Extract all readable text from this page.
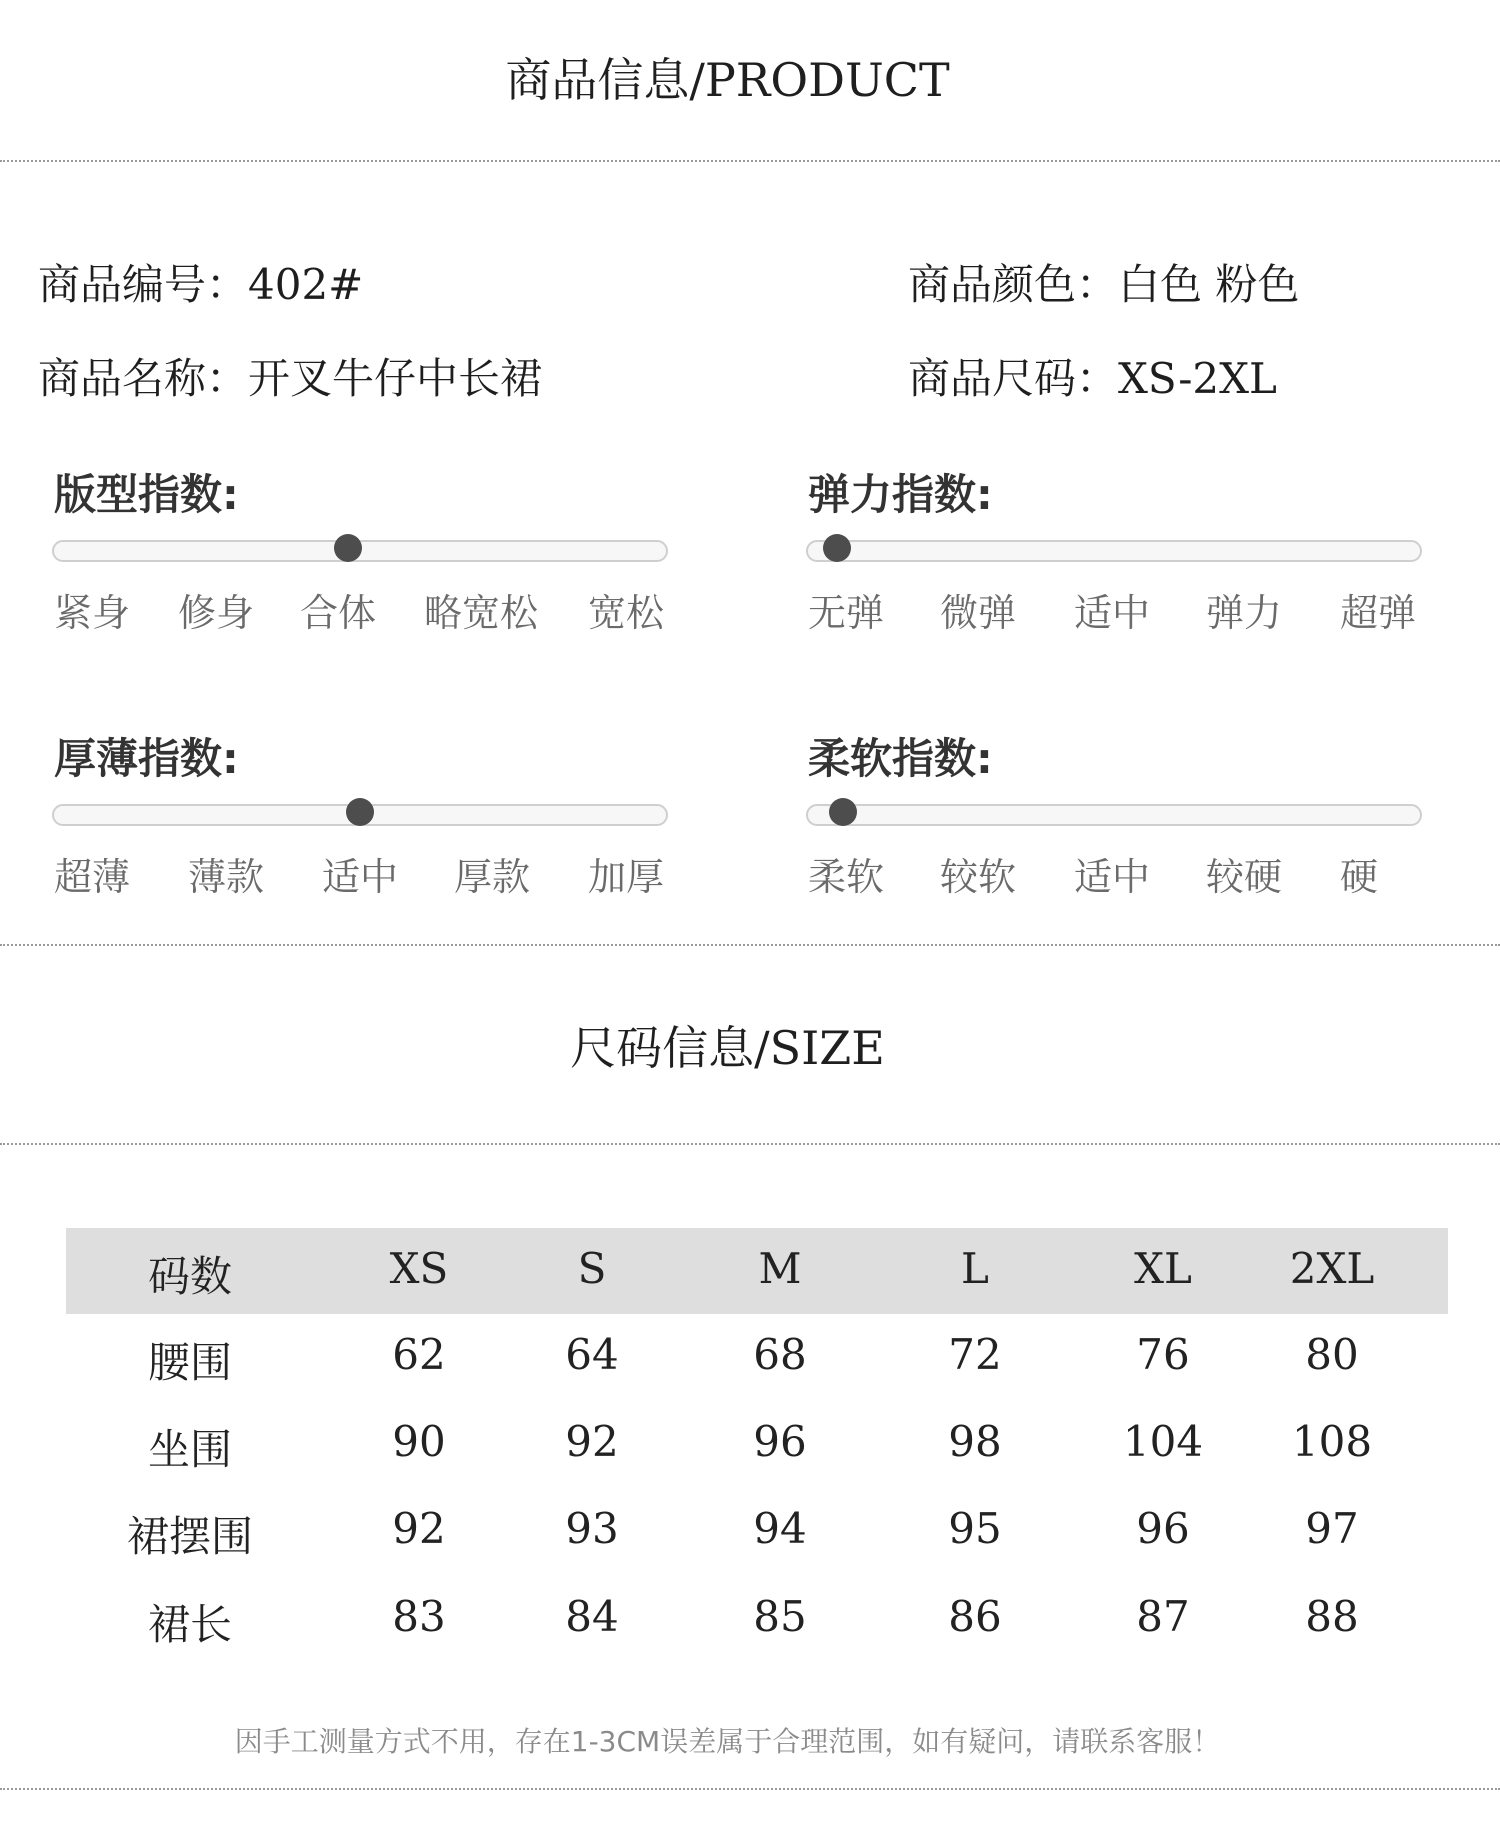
商品信息/PRODUCT
商品编号：402#	商品颜色：白色 粉色
商品名称：开叉牛仔中长裙	商品尺码：XS-2XL
版型指数:
紧身 修身 合体 略宽松 宽松
弹力指数:
无弹 微弹 适中 弹力 超弹
厚薄指数:
超薄 薄款 适中 厚款 加厚
柔软指数:
柔软 较软 适中 较硬 硬
尺码信息/SIZE
码数	XS	S	M	L	XL 2XL
腰围	62	64	68	72	76	80
坐围	90	92	96	98	104 108
裙摆围	92	93	94	95	96	97
裙长	83	84	85	86	87	88
因手工测量方式不用，存在1-3CM误差属于合理范围，如有疑问，请联系客服！
